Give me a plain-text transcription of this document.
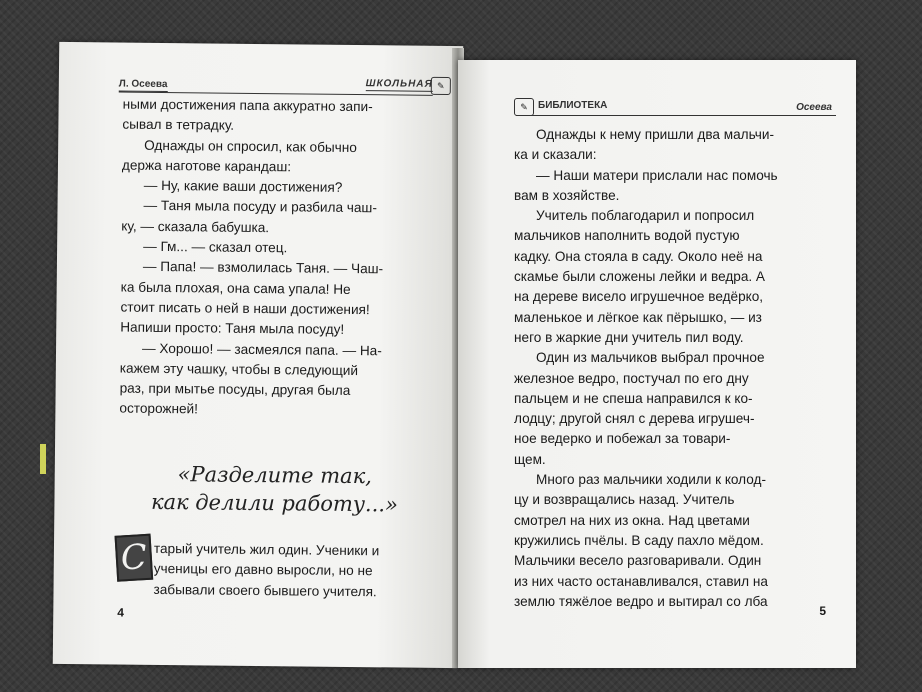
Л. Осеева	ШКОЛЬНАЯ ✎
ными достижения папа аккуратно запи-
сывал в тетрадку.
Однажды он спросил, как обычно
держа наготове карандаш:
— Ну, какие ваши достижения?
— Таня мыла посуду и разбила чаш-
ку, — сказала бабушка.
— Гм... — сказал отец.
— Папа! — взмолилась Таня. — Чаш-
ка была плохая, она сама упала! Не
стоит писать о ней в наши достижения!
Напиши просто: Таня мыла посуду!
— Хорошо! — засмеялся папа. — На-
кажем эту чашку, чтобы в следующий
раз, при мытье посуды, другая была
осторожней!
«Разделите так,
как делили работу...»
С тарый учитель жил один. Ученики и
ученицы его давно выросли, но не
забывали своего бывшего учителя.
4
✎	БИБЛИОТЕКА	Осеева
Однажды к нему пришли два мальчи-
ка и сказали:
— Наши матери прислали нас помочь
вам в хозяйстве.
Учитель поблагодарил и попросил
мальчиков наполнить водой пустую
кадку. Она стояла в саду. Около неё на
скамье были сложены лейки и ведра. А
на дереве висело игрушечное ведёрко,
маленькое и лёгкое как пёрышко, — из
него в жаркие дни учитель пил воду.
Один из мальчиков выбрал прочное
железное ведро, постучал по его дну
пальцем и не спеша направился к ко-
лодцу; другой снял с дерева игрушеч-
ное ведерко и побежал за товари-
щем.
Много раз мальчики ходили к колод-
цу и возвращались назад. Учитель
смотрел на них из окна. Над цветами
кружились пчёлы. В саду пахло мёдом.
Мальчики весело разговаривали. Один
из них часто останавливался, ставил на
землю тяжёлое ведро и вытирал со лба
5
